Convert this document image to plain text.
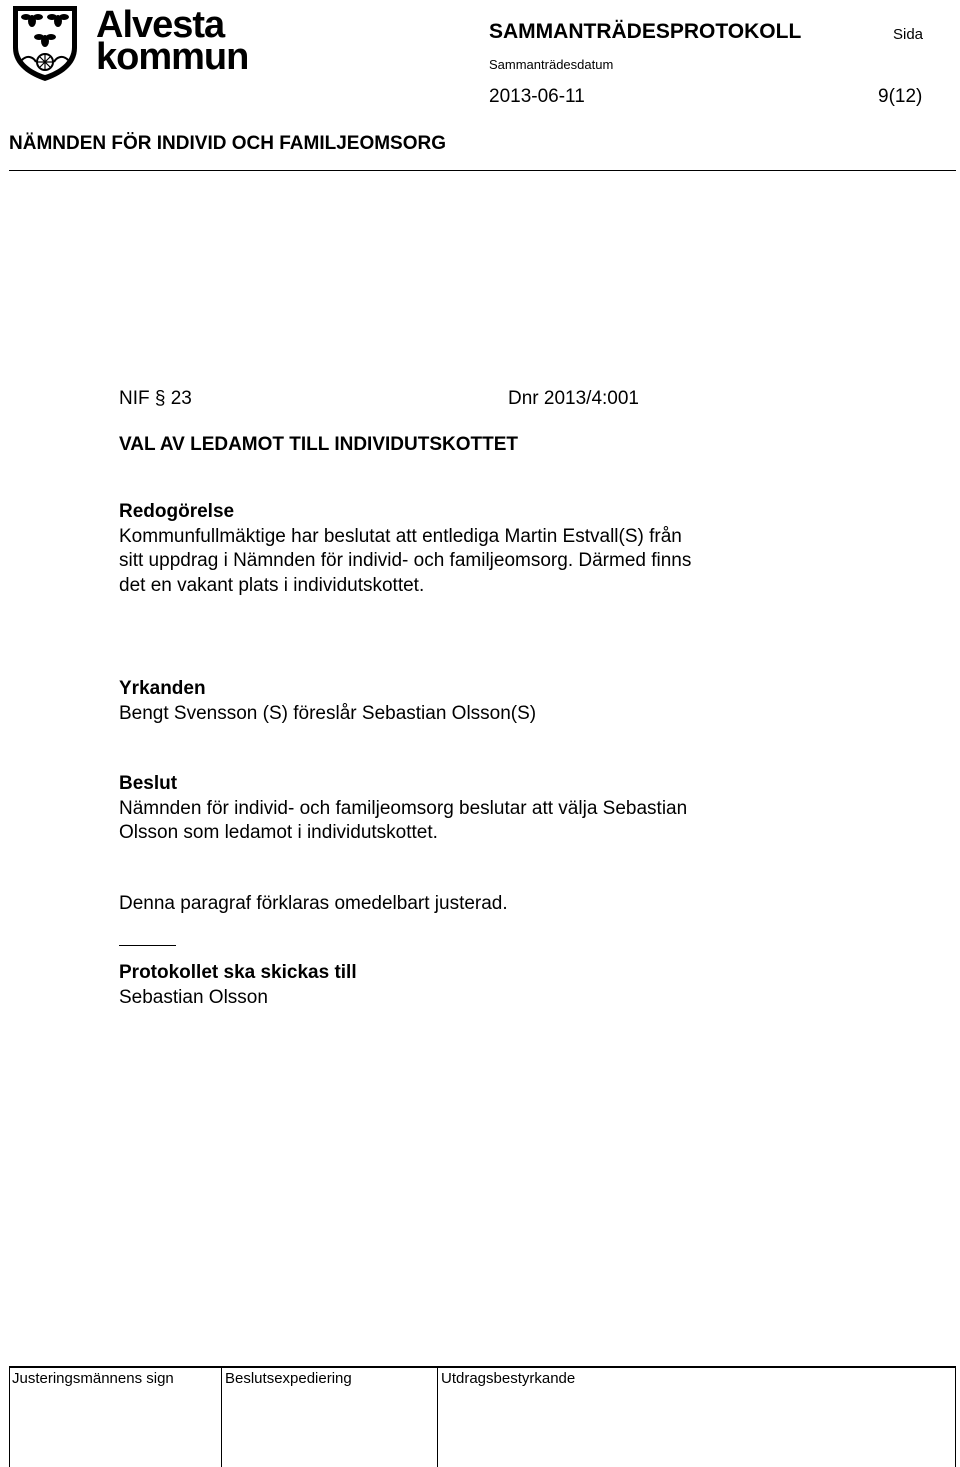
Alvesta
kommun
SAMMANTRÄDESPROTOKOLL	Sida
Sammanträdesdatum
2013-06-11	9(12)
NÄMNDEN FÖR INDIVID OCH FAMILJEOMSORG
NIF § 23	Dnr 2013/4:001
VAL AV LEDAMOT TILL INDIVIDUTSKOTTET
Redogörelse
Kommunfullmäktige har beslutat att entlediga Martin Estvall(S) från
sitt uppdrag i Nämnden för individ- och familjeomsorg. Därmed finns
det en vakant plats i individutskottet.
Yrkanden
Bengt Svensson (S) föreslår Sebastian Olsson(S)
Beslut
Nämnden för individ- och familjeomsorg beslutar att välja Sebastian
Olsson som ledamot i individutskottet.
Denna paragraf förklaras omedelbart justerad.
Protokollet ska skickas till
Sebastian Olsson
Justeringsmännens sign	Beslutsexpediering	Utdragsbestyrkande
